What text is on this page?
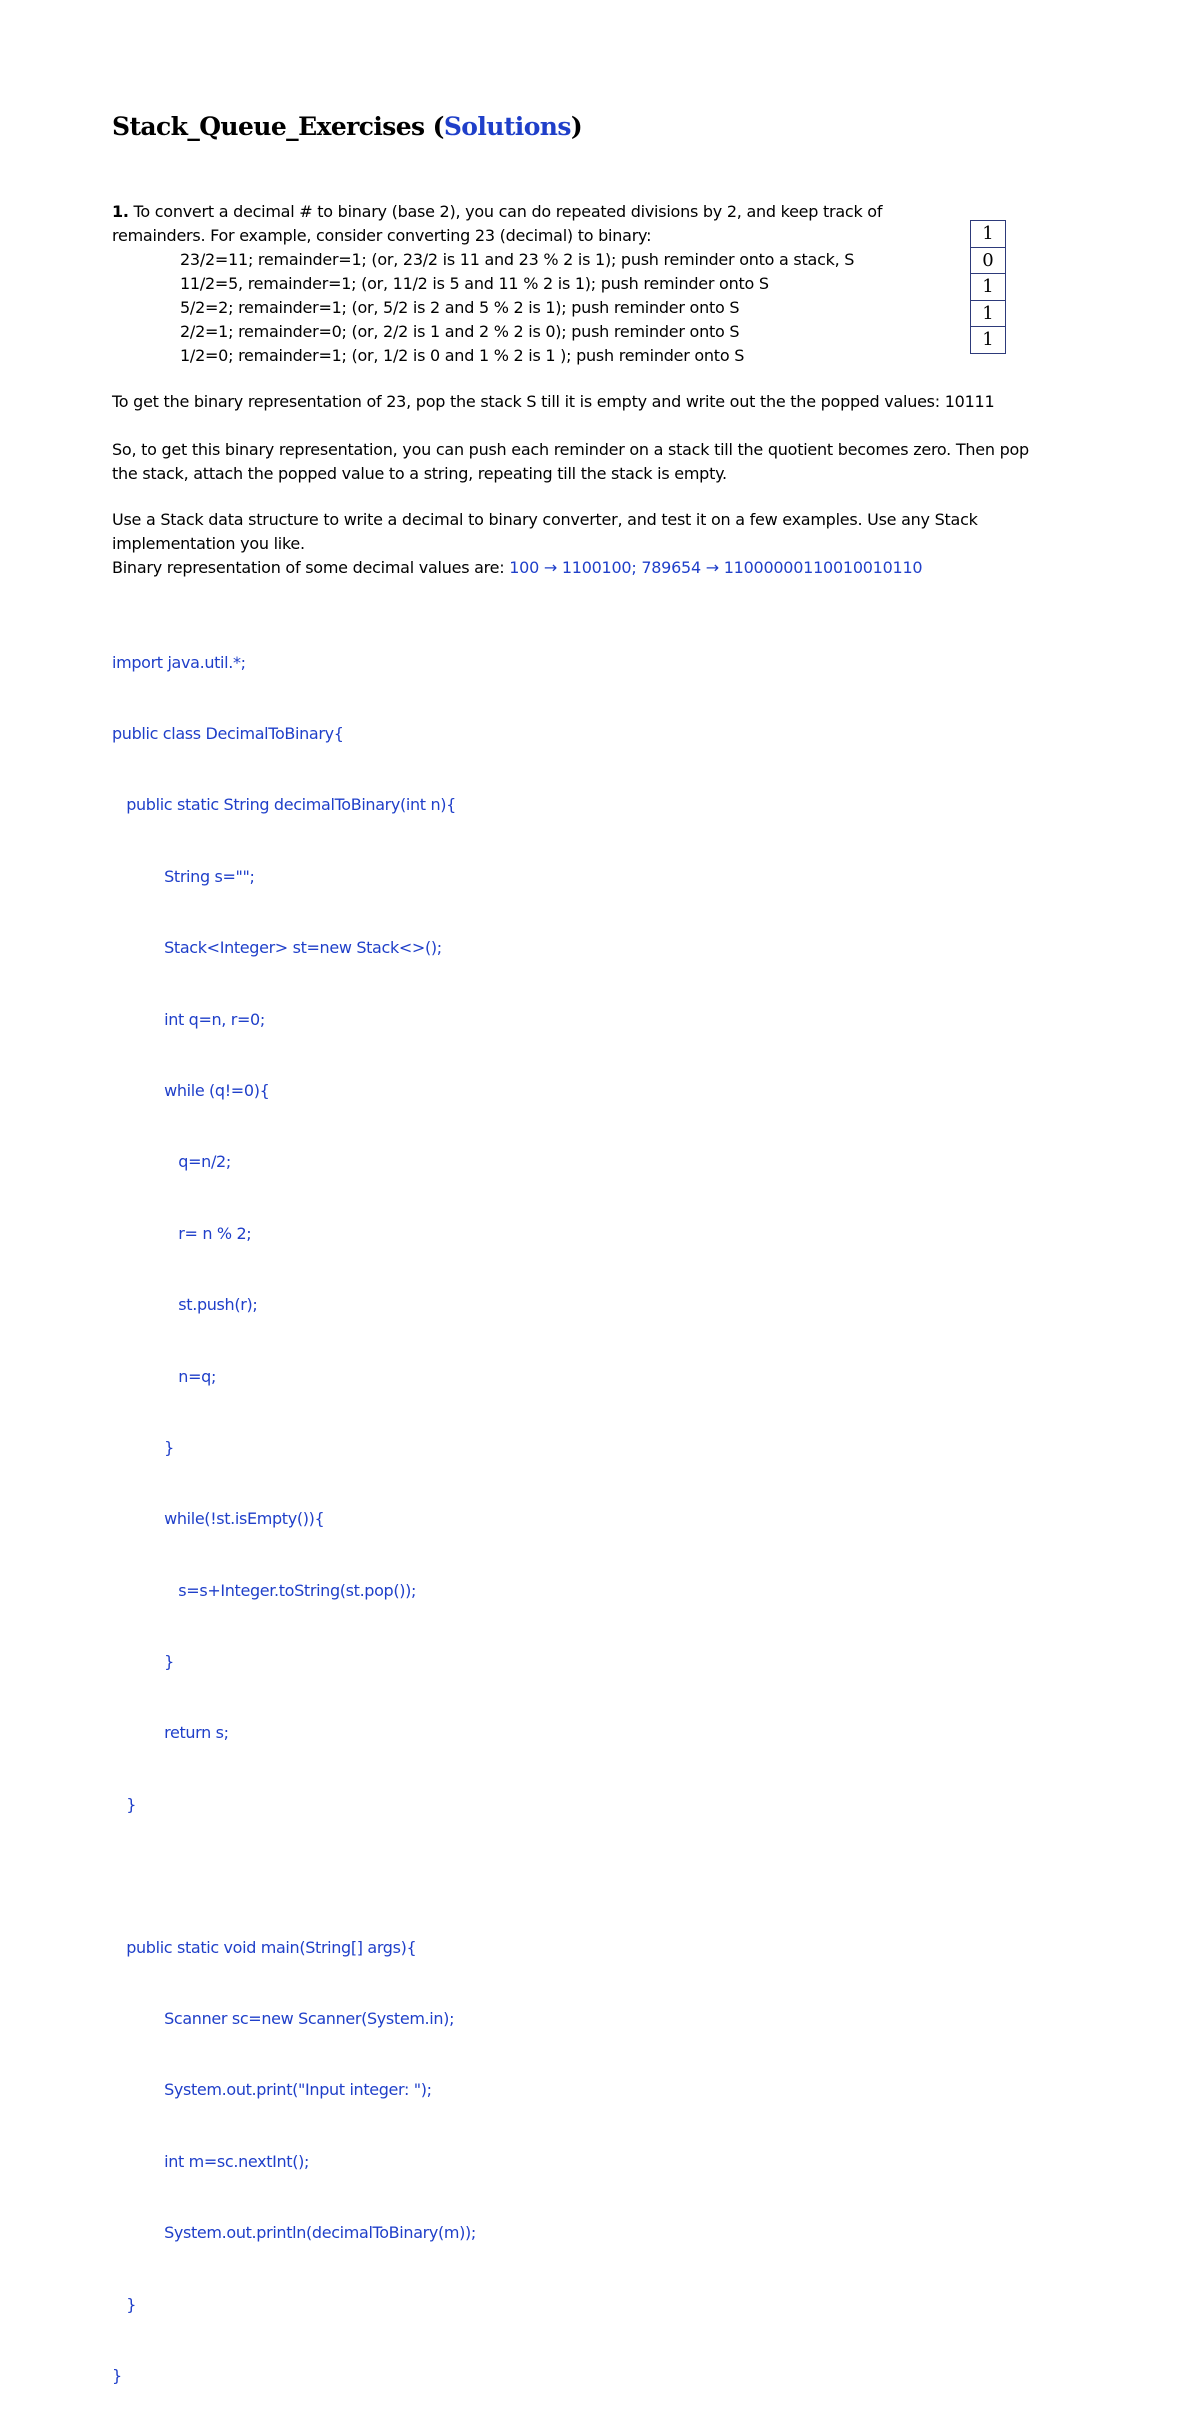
Stack_Queue_Exercises (Solutions)
1. To convert a decimal # to binary (base 2), you can do repeated divisions by 2, and keep track of
remainders. For example, consider converting 23 (decimal) to binary:
23/2=11; remainder=1; (or, 23/2 is 11 and 23 % 2 is 1); push reminder onto a stack, S
11/2=5, remainder=1; (or, 11/2 is 5 and 11 % 2 is 1); push reminder onto S
5/2=2; remainder=1; (or, 5/2 is 2 and 5 % 2 is 1); push reminder onto S
2/2=1; remainder=0; (or, 2/2 is 1 and 2 % 2 is 0); push reminder onto S
1/2=0; remainder=1; (or, 1/2 is 0 and 1 % 2 is 1 ); push reminder onto S
1
0
1
1
1
To get the binary representation of 23, pop the stack S till it is empty and write out the the popped values: 10111
So, to get this binary representation, you can push each reminder on a stack till the quotient becomes zero. Then pop
the stack, attach the popped value to a string, repeating till the stack is empty.
Use a Stack data structure to write a decimal to binary converter, and test it on a few examples. Use any Stack
implementation you like.
Binary representation of some decimal values are: 100 → 1100100; 789654 → 11000000110010010110

import java.util.*;

public class DecimalToBinary{

public static String decimalToBinary(int n){

String s="";

Stack<Integer> st=new Stack<>();

int q=n, r=0;

while (q!=0){

q=n/2;

r= n % 2;

st.push(r);

n=q;

}

while(!st.isEmpty()){

s=s+Integer.toString(st.pop());

}

return s;

}

public static void main(String[] args){

Scanner sc=new Scanner(System.in);

System.out.print("Input integer: ");

int m=sc.nextInt();

System.out.println(decimalToBinary(m));

}

}
